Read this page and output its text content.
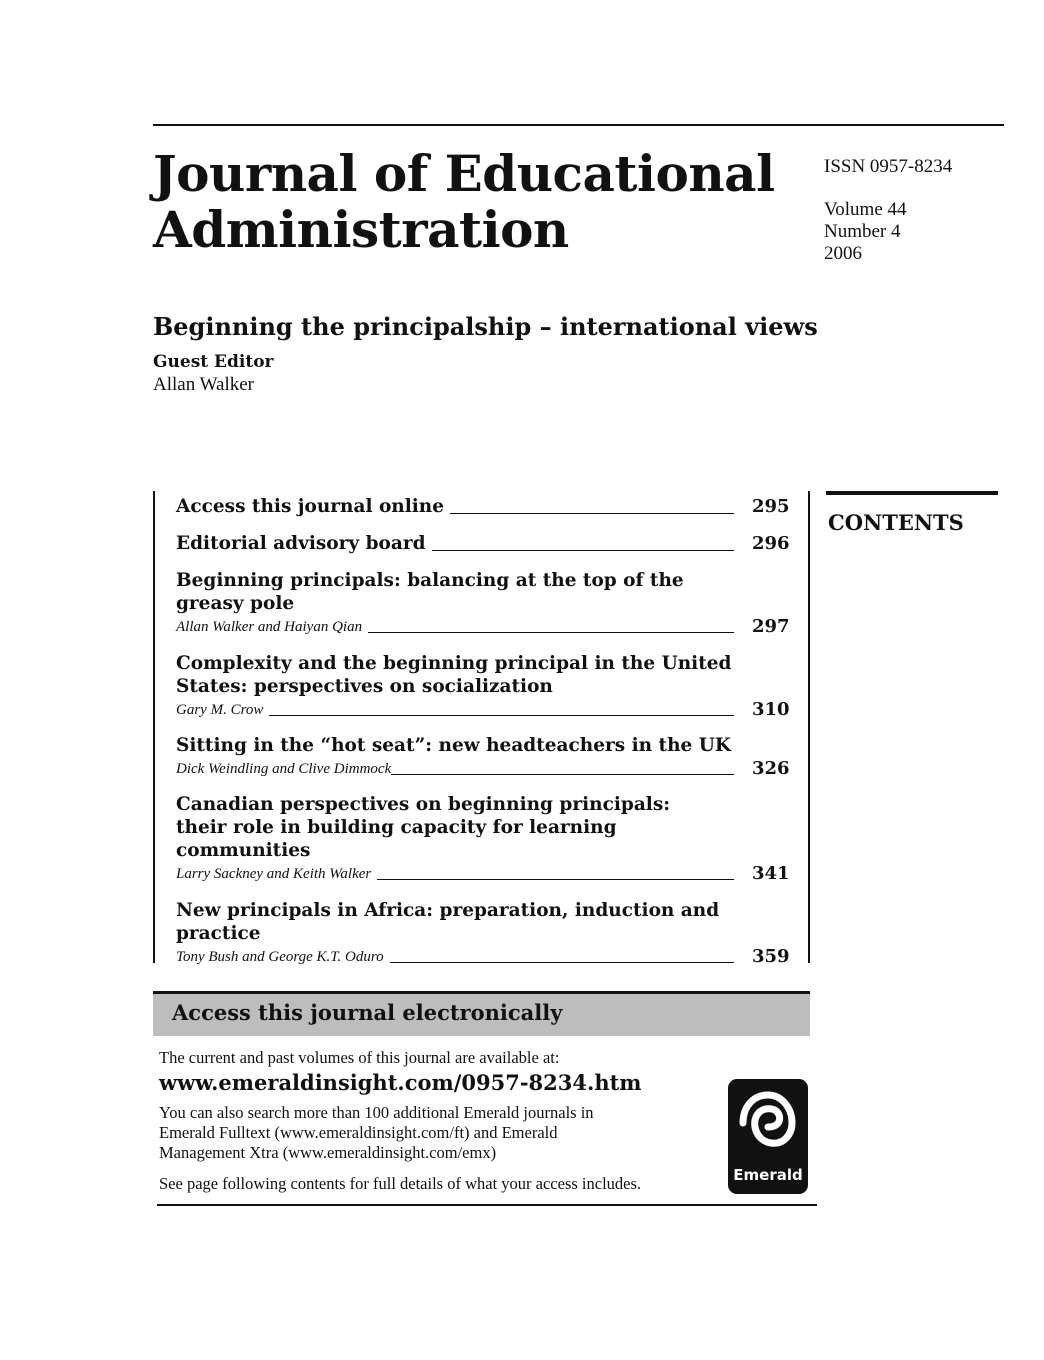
Journal of Educational Administration
ISSN 0957-8234
Volume 44
Number 4
2006
Beginning the principalship – international views
Guest Editor
Allan Walker
CONTENTS
Access this journal online	295
Editorial advisory board	296
Beginning principals: balancing at the top of the greasy pole
Allan Walker and Haiyan Qian	297
Complexity and the beginning principal in the United States: perspectives on socialization
Gary M. Crow	310
Sitting in the “hot seat”: new headteachers in the UK
Dick Weindling and Clive Dimmock	326
Canadian perspectives on beginning principals: their role in building capacity for learning communities
Larry Sackney and Keith Walker	341
New principals in Africa: preparation, induction and practice
Tony Bush and George K.T. Oduro	359
Access this journal electronically
The current and past volumes of this journal are available at:
www.emeraldinsight.com/0957-8234.htm
You can also search more than 100 additional Emerald journals in
Emerald Fulltext (www.emeraldinsight.com/ft) and Emerald
Management Xtra (www.emeraldinsight.com/emx)
See page following contents for full details of what your access includes.	Emerald
